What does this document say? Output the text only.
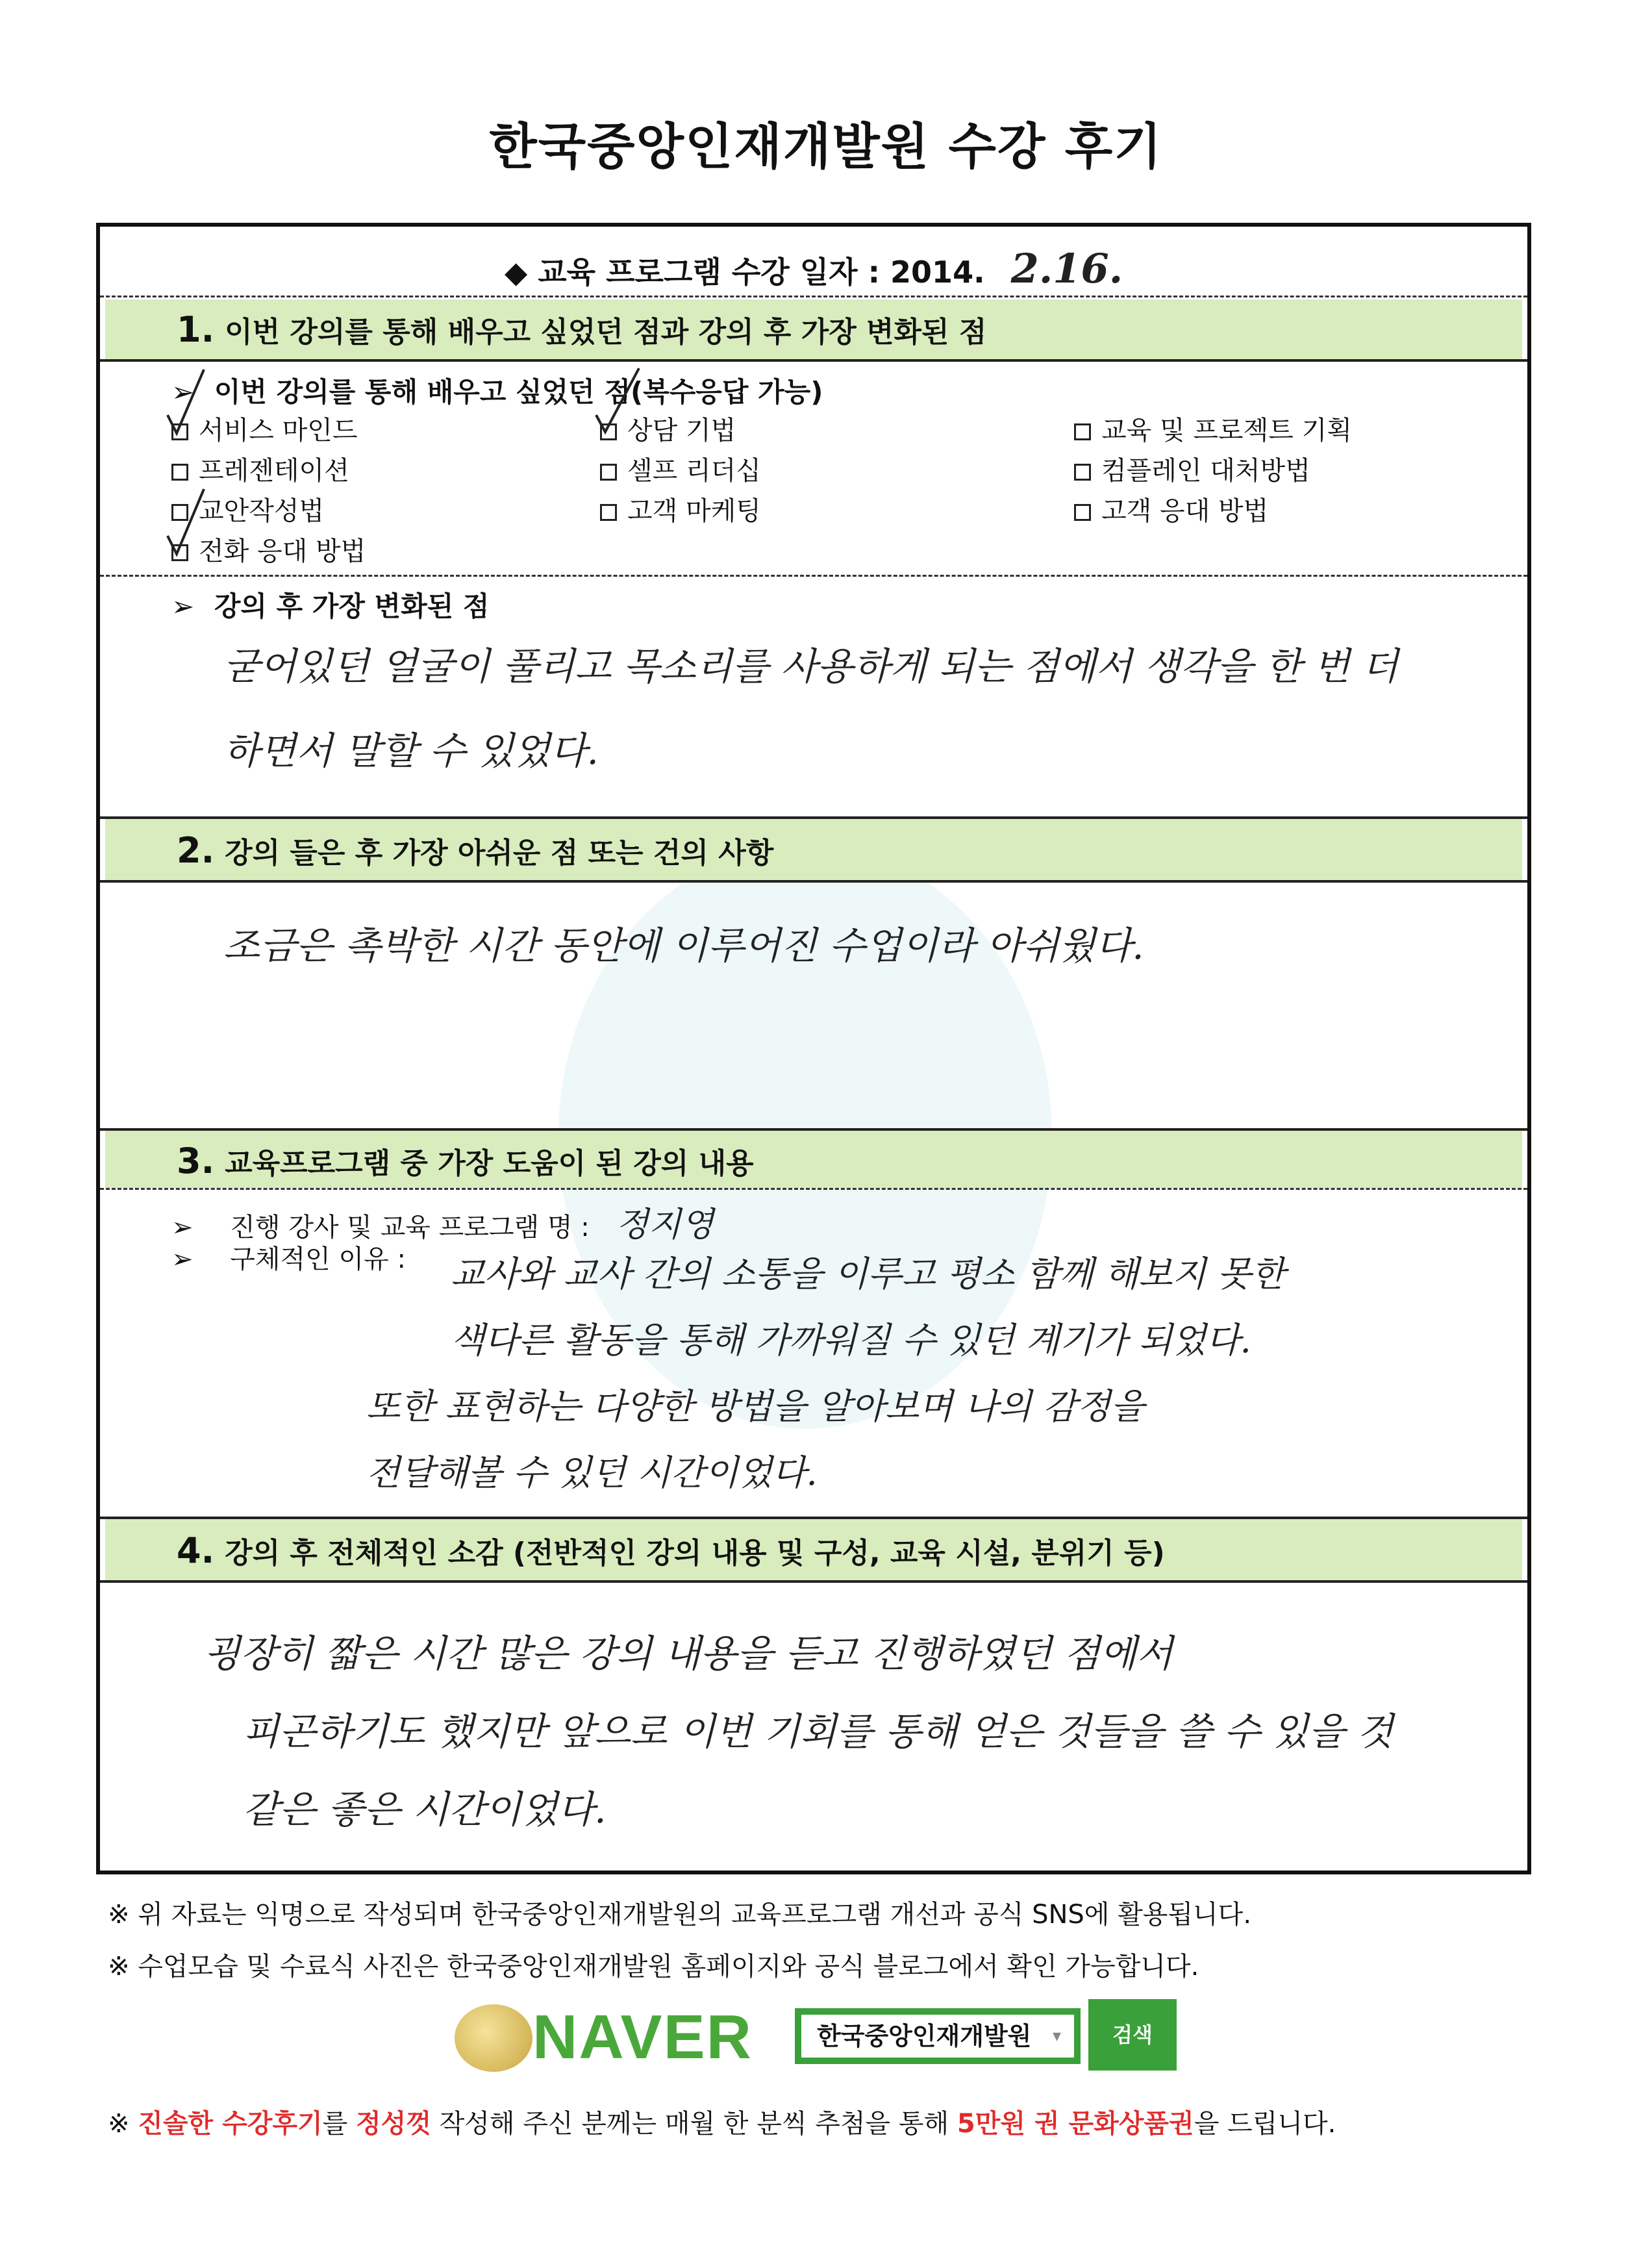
한국중앙인재개발원 수강 후기
◆ 교육 프로그램 수강 일자 : 2014. 2.16.
1. 이번 강의를 통해 배우고 싶었던 점과 강의 후 가장 변화된 점
➢ 이번 강의를 통해 배우고 싶었던 점(복수응답 가능)
서비스 마인드
프레젠테이션
교안작성법
전화 응대 방법
상담 기법
셀프 리더십
고객 마케팅
교육 및 프로젝트 기획
컴플레인 대처방법
고객 응대 방법
➢ 강의 후 가장 변화된 점
굳어있던 얼굴이 풀리고 목소리를 사용하게 되는 점에서 생각을 한 번 더
하면서 말할 수 있었다.
2. 강의 들은 후 가장 아쉬운 점 또는 건의 사항
조금은 촉박한 시간 동안에 이루어진 수업이라 아쉬웠다.
3. 교육프로그램 중 가장 도움이 된 강의 내용
➢ 진행 강사 및 교육 프로그램 명 : 정지영
➢ 구체적인 이유 : 교사와 교사 간의 소통을 이루고 평소 함께 해보지 못한
색다른 활동을 통해 가까워질 수 있던 계기가 되었다.
또한 표현하는 다양한 방법을 알아보며 나의 감정을
전달해볼 수 있던 시간이었다.
4. 강의 후 전체적인 소감 (전반적인 강의 내용 및 구성, 교육 시설, 분위기 등)
굉장히 짧은 시간 많은 강의 내용을 듣고 진행하였던 점에서
피곤하기도 했지만 앞으로 이번 기회를 통해 얻은 것들을 쓸 수 있을 것
같은 좋은 시간이었다.
※ 위 자료는 익명으로 작성되며 한국중앙인재개발원의 교육프로그램 개선과 공식 SNS에 활용됩니다.
※ 수업모습 및 수료식 사진은 한국중앙인재개발원 홈페이지와 공식 블로그에서 확인 가능합니다.
NAVER	한국중앙인재개발원 ▾	검색
※ 진솔한 수강후기를 정성껏 작성해 주신 분께는 매월 한 분씩 추첨을 통해 5만원 권 문화상품권을 드립니다.
